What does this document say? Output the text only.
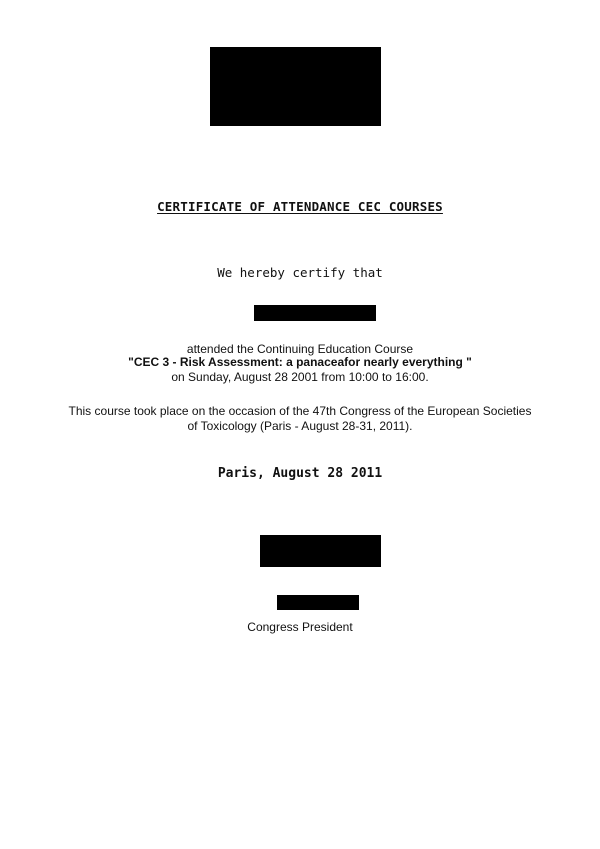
CERTIFICATE OF ATTENDANCE CEC COURSES
We hereby certify that
attended the Continuing Education Course
"CEC 3 - Risk Assessment: a panaceafor nearly everything "
on Sunday, August 28 2001 from 10:00 to 16:00.
This course took place on the occasion of the 47th Congress of the European Societies
of Toxicology (Paris - August 28-31, 2011).
Paris, August 28 2011
Congress President
